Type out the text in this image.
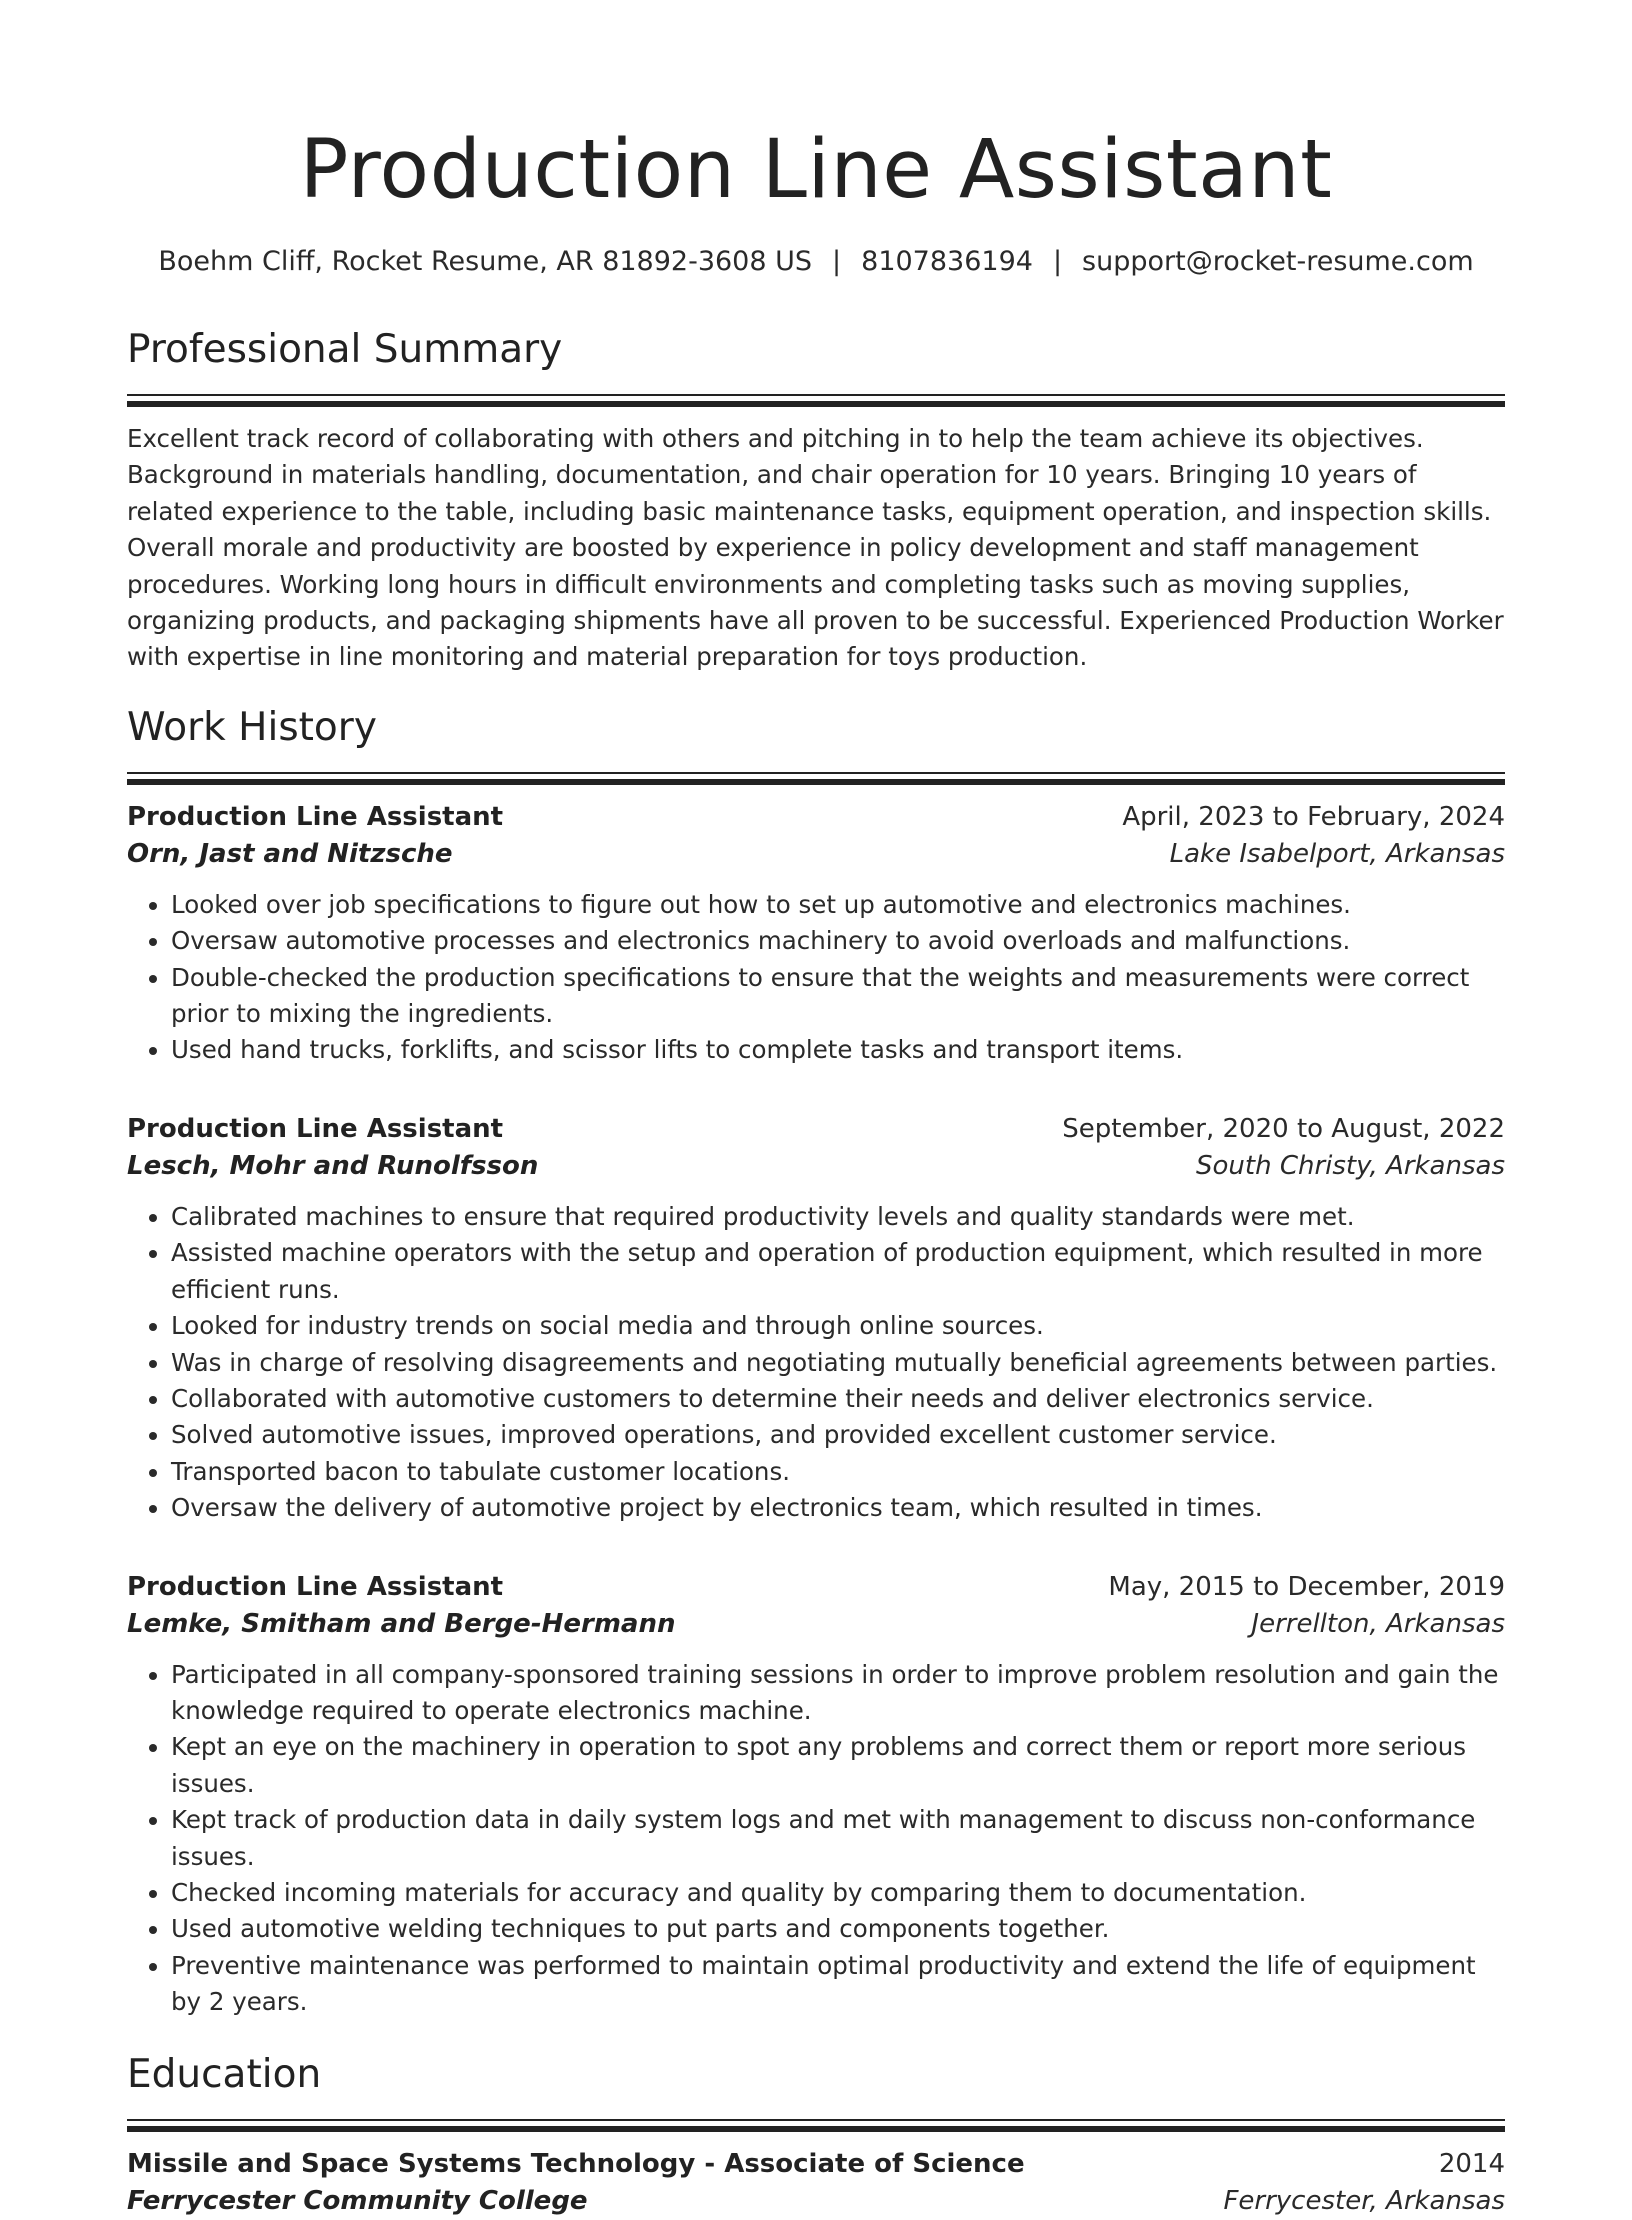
Production Line Assistant
Boehm Cliff, Rocket Resume, AR 81892-3608 US | 8107836194 | support@rocket-resume.com
Professional Summary
Excellent track record of collaborating with others and pitching in to help the team achieve its objectives. Background in materials handling, documentation, and chair operation for 10 years. Bringing 10 years of related experience to the table, including basic maintenance tasks, equipment operation, and inspection skills. Overall morale and productivity are boosted by experience in policy development and staff management procedures. Working long hours in difficult environments and completing tasks such as moving supplies, organizing products, and packaging shipments have all proven to be successful. Experienced Production Worker with expertise in line monitoring and material preparation for toys production.
Work History
Production Line Assistant	April, 2023 to February, 2024
Orn, Jast and Nitzsche	Lake Isabelport, Arkansas
• Looked over job specifications to figure out how to set up automotive and electronics machines.
• Oversaw automotive processes and electronics machinery to avoid overloads and malfunctions.
• Double-checked the production specifications to ensure that the weights and measurements were correct prior to mixing the ingredients.
• Used hand trucks, forklifts, and scissor lifts to complete tasks and transport items.
Production Line Assistant	September, 2020 to August, 2022
Lesch, Mohr and Runolfsson	South Christy, Arkansas
• Calibrated machines to ensure that required productivity levels and quality standards were met.
• Assisted machine operators with the setup and operation of production equipment, which resulted in more efficient runs.
• Looked for industry trends on social media and through online sources.
• Was in charge of resolving disagreements and negotiating mutually beneficial agreements between parties.
• Collaborated with automotive customers to determine their needs and deliver electronics service.
• Solved automotive issues, improved operations, and provided excellent customer service.
• Transported bacon to tabulate customer locations.
• Oversaw the delivery of automotive project by electronics team, which resulted in times.
Production Line Assistant	May, 2015 to December, 2019
Lemke, Smitham and Berge-Hermann	Jerrellton, Arkansas
• Participated in all company-sponsored training sessions in order to improve problem resolution and gain the knowledge required to operate electronics machine.
• Kept an eye on the machinery in operation to spot any problems and correct them or report more serious issues.
• Kept track of production data in daily system logs and met with management to discuss non-conformance issues.
• Checked incoming materials for accuracy and quality by comparing them to documentation.
• Used automotive welding techniques to put parts and components together.
• Preventive maintenance was performed to maintain optimal productivity and extend the life of equipment by 2 years.
Education
Missile and Space Systems Technology - Associate of Science	2014
Ferrycester Community College	Ferrycester, Arkansas
